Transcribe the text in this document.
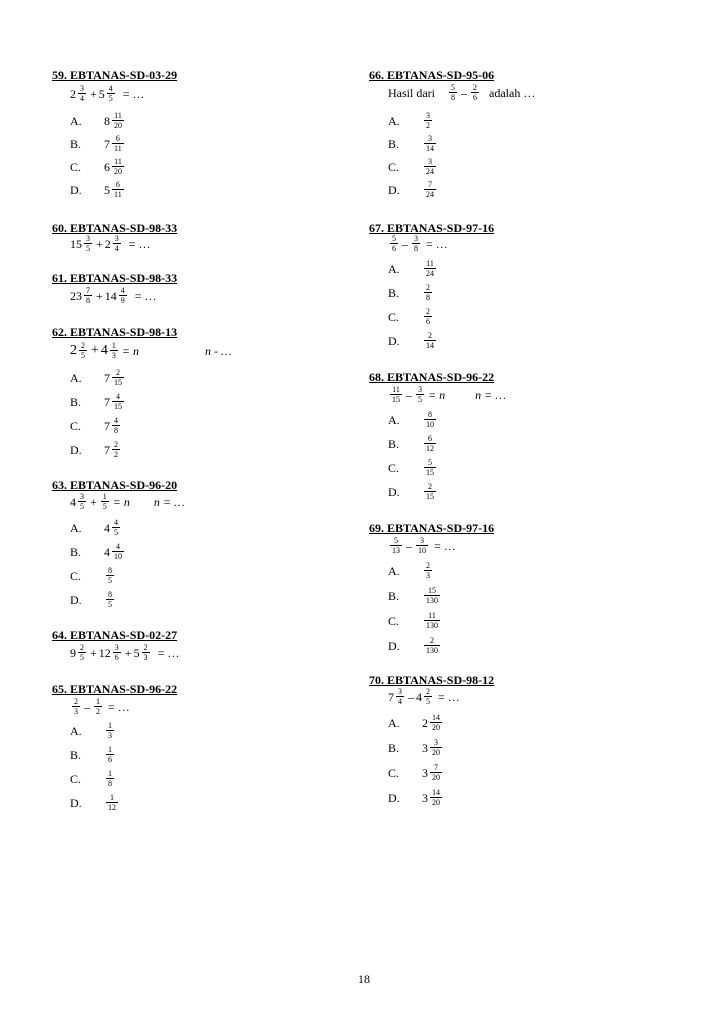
59. EBTANAS-SD-03-29
$2 \frac{3}{4} + 5 \frac{4}{5}$ = …
A.	$8 \frac{11}{20}$
B.	$7 \frac{6}{11}$
C.	$6 \frac{11}{20}$
D.	$5 \frac{6}{11}$
60. EBTANAS-SD-98-33
$15 \frac{3}{5} + 2 \frac{3}{4}$ = …
61. EBTANAS-SD-98-33
$23 \frac{7}{8} + 14 \frac{4}{9}$ = …
62. EBTANAS-SD-98-13
$2 \frac{2}{5} + 4 \frac{1}{3} = n$	n - …
A.	$7 \frac{2}{15}$
B.	$7 \frac{4}{15}$
C.	$7 \frac{4}{8}$
D.	$7 \frac{2}{2}$
63. EBTANAS-SD-96-20
$4 \frac{3}{5} + \frac{1}{5} = n$ n = …
A.	$4 \frac{4}{5}$
B.	$4 \frac{4}{10}$
C.	$\frac{8}{5}$
D.	$\frac{8}{5}$
64. EBTANAS-SD-02-27
$9 \frac{2}{5} + 12 \frac{3}{6} + 5 \frac{2}{3}$ = …
65. EBTANAS-SD-96-22
$\frac{2}{3} - \frac{1}{2}$ = …
A.	$\frac{1}{3}$
B.	$\frac{1}{6}$
C.	$\frac{1}{8}$
D.	$\frac{1}{12}$
66. EBTANAS-SD-95-06
Hasil dari $\frac{5}{8} - \frac{2}{6}$ adalah …
A.	$\frac{3}{2}$
B.	$\frac{3}{14}$
C.	$\frac{3}{24}$
D.	$\frac{7}{24}$
67. EBTANAS-SD-97-16
$\frac{5}{6} - \frac{3}{8}$ = …
A.	$\frac{11}{24}$
B.	$\frac{2}{8}$
C.	$\frac{2}{6}$
D.	$\frac{2}{14}$
68. EBTANAS-SD-96-22
$\frac{11}{15} - \frac{3}{5} = n$	n = …
A.	$\frac{8}{10}$
B.	$\frac{6}{12}$
C.	$\frac{5}{15}$
D.	$\frac{2}{15}$
69. EBTANAS-SD-97-16
$\frac{5}{13} - \frac{3}{10}$ = …
A.	$\frac{2}{3}$
B.	$\frac{15}{130}$
C.	$\frac{11}{130}$
D.	$\frac{2}{130}$
70. EBTANAS-SD-98-12
$7 \frac{3}{4} - 4 \frac{2}{5}$ = …
A.	$2 \frac{14}{20}$
B.	$3 \frac{3}{20}$
C.	$3 \frac{7}{20}$
D.	$3 \frac{14}{20}$
18
